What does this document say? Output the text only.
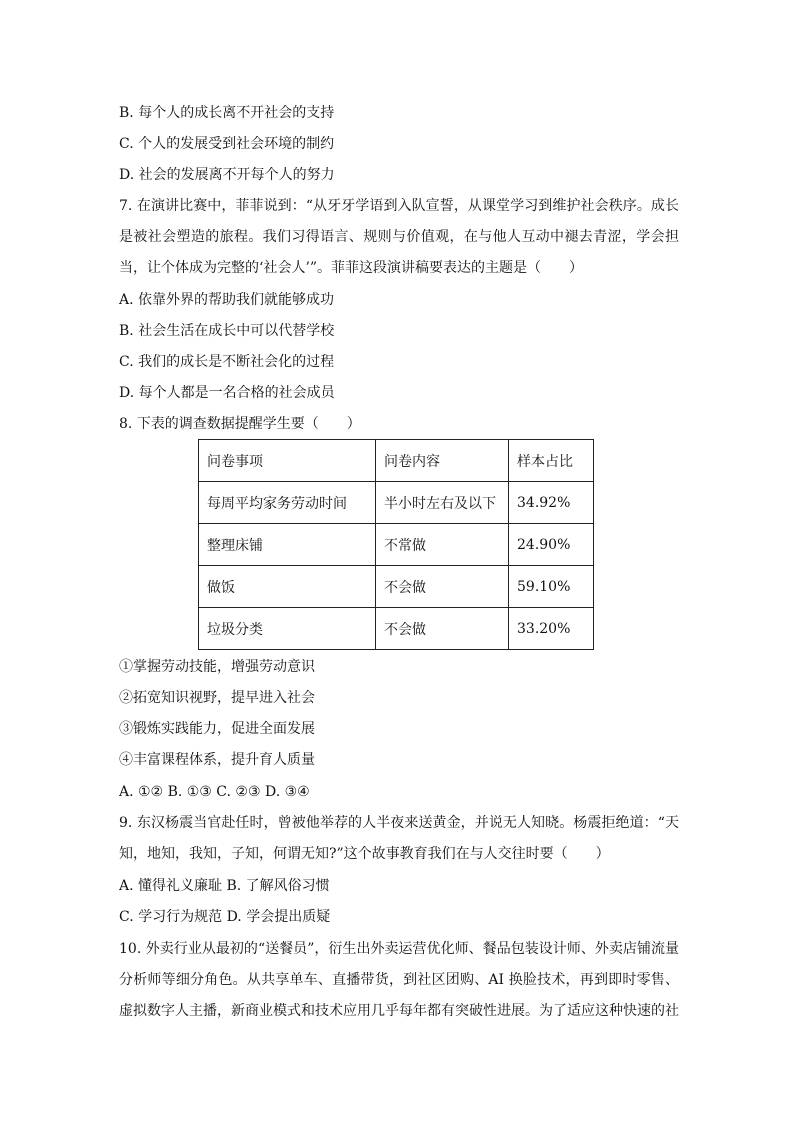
B. 每个人的成长离不开社会的支持
C. 个人的发展受到社会环境的制约
D. 社会的发展离不开每个人的努力
7. 在演讲比赛中，菲菲说到：“从牙牙学语到入队宣誓，从课堂学习到维护社会秩序。成长是被社会塑造的旅程。我们习得语言、规则与价值观，在与他人互动中褪去青涩，学会担当，让个体成为完整的‘社会人’”。菲菲这段演讲稿要表达的主题是（　　）
A. 依靠外界的帮助我们就能够成功
B. 社会生活在成长中可以代替学校
C. 我们的成长是不断社会化的过程
D. 每个人都是一名合格的社会成员
8. 下表的调查数据提醒学生要（　　）
问卷事项	问卷内容	样本占比
每周平均家务劳动时间	半小时左右及以下	34.92%
整理床铺	不常做	24.90%
做饭	不会做	59.10%
垃圾分类	不会做	33.20%
①掌握劳动技能，增强劳动意识
②拓宽知识视野，提早进入社会
③锻炼实践能力，促进全面发展
④丰富课程体系，提升育人质量
A. ①② B. ①③ C. ②③ D. ③④
9. 东汉杨震当官赴任时，曾被他举荐的人半夜来送黄金，并说无人知晓。杨震拒绝道：“天知，地知，我知，子知，何谓无知?”这个故事教育我们在与人交往时要（　　）
A. 懂得礼义廉耻 B. 了解风俗习惯
C. 学习行为规范 D. 学会提出质疑
10. 外卖行业从最初的“送餐员”，衍生出外卖运营优化师、餐品包装设计师、外卖店铺流量分析师等细分角色。从共享单车、直播带货，到社区团购、AI 换脸技术，再到即时零售、虚拟数字人主播，新商业模式和技术应用几乎每年都有突破性进展。为了适应这种快速的社
